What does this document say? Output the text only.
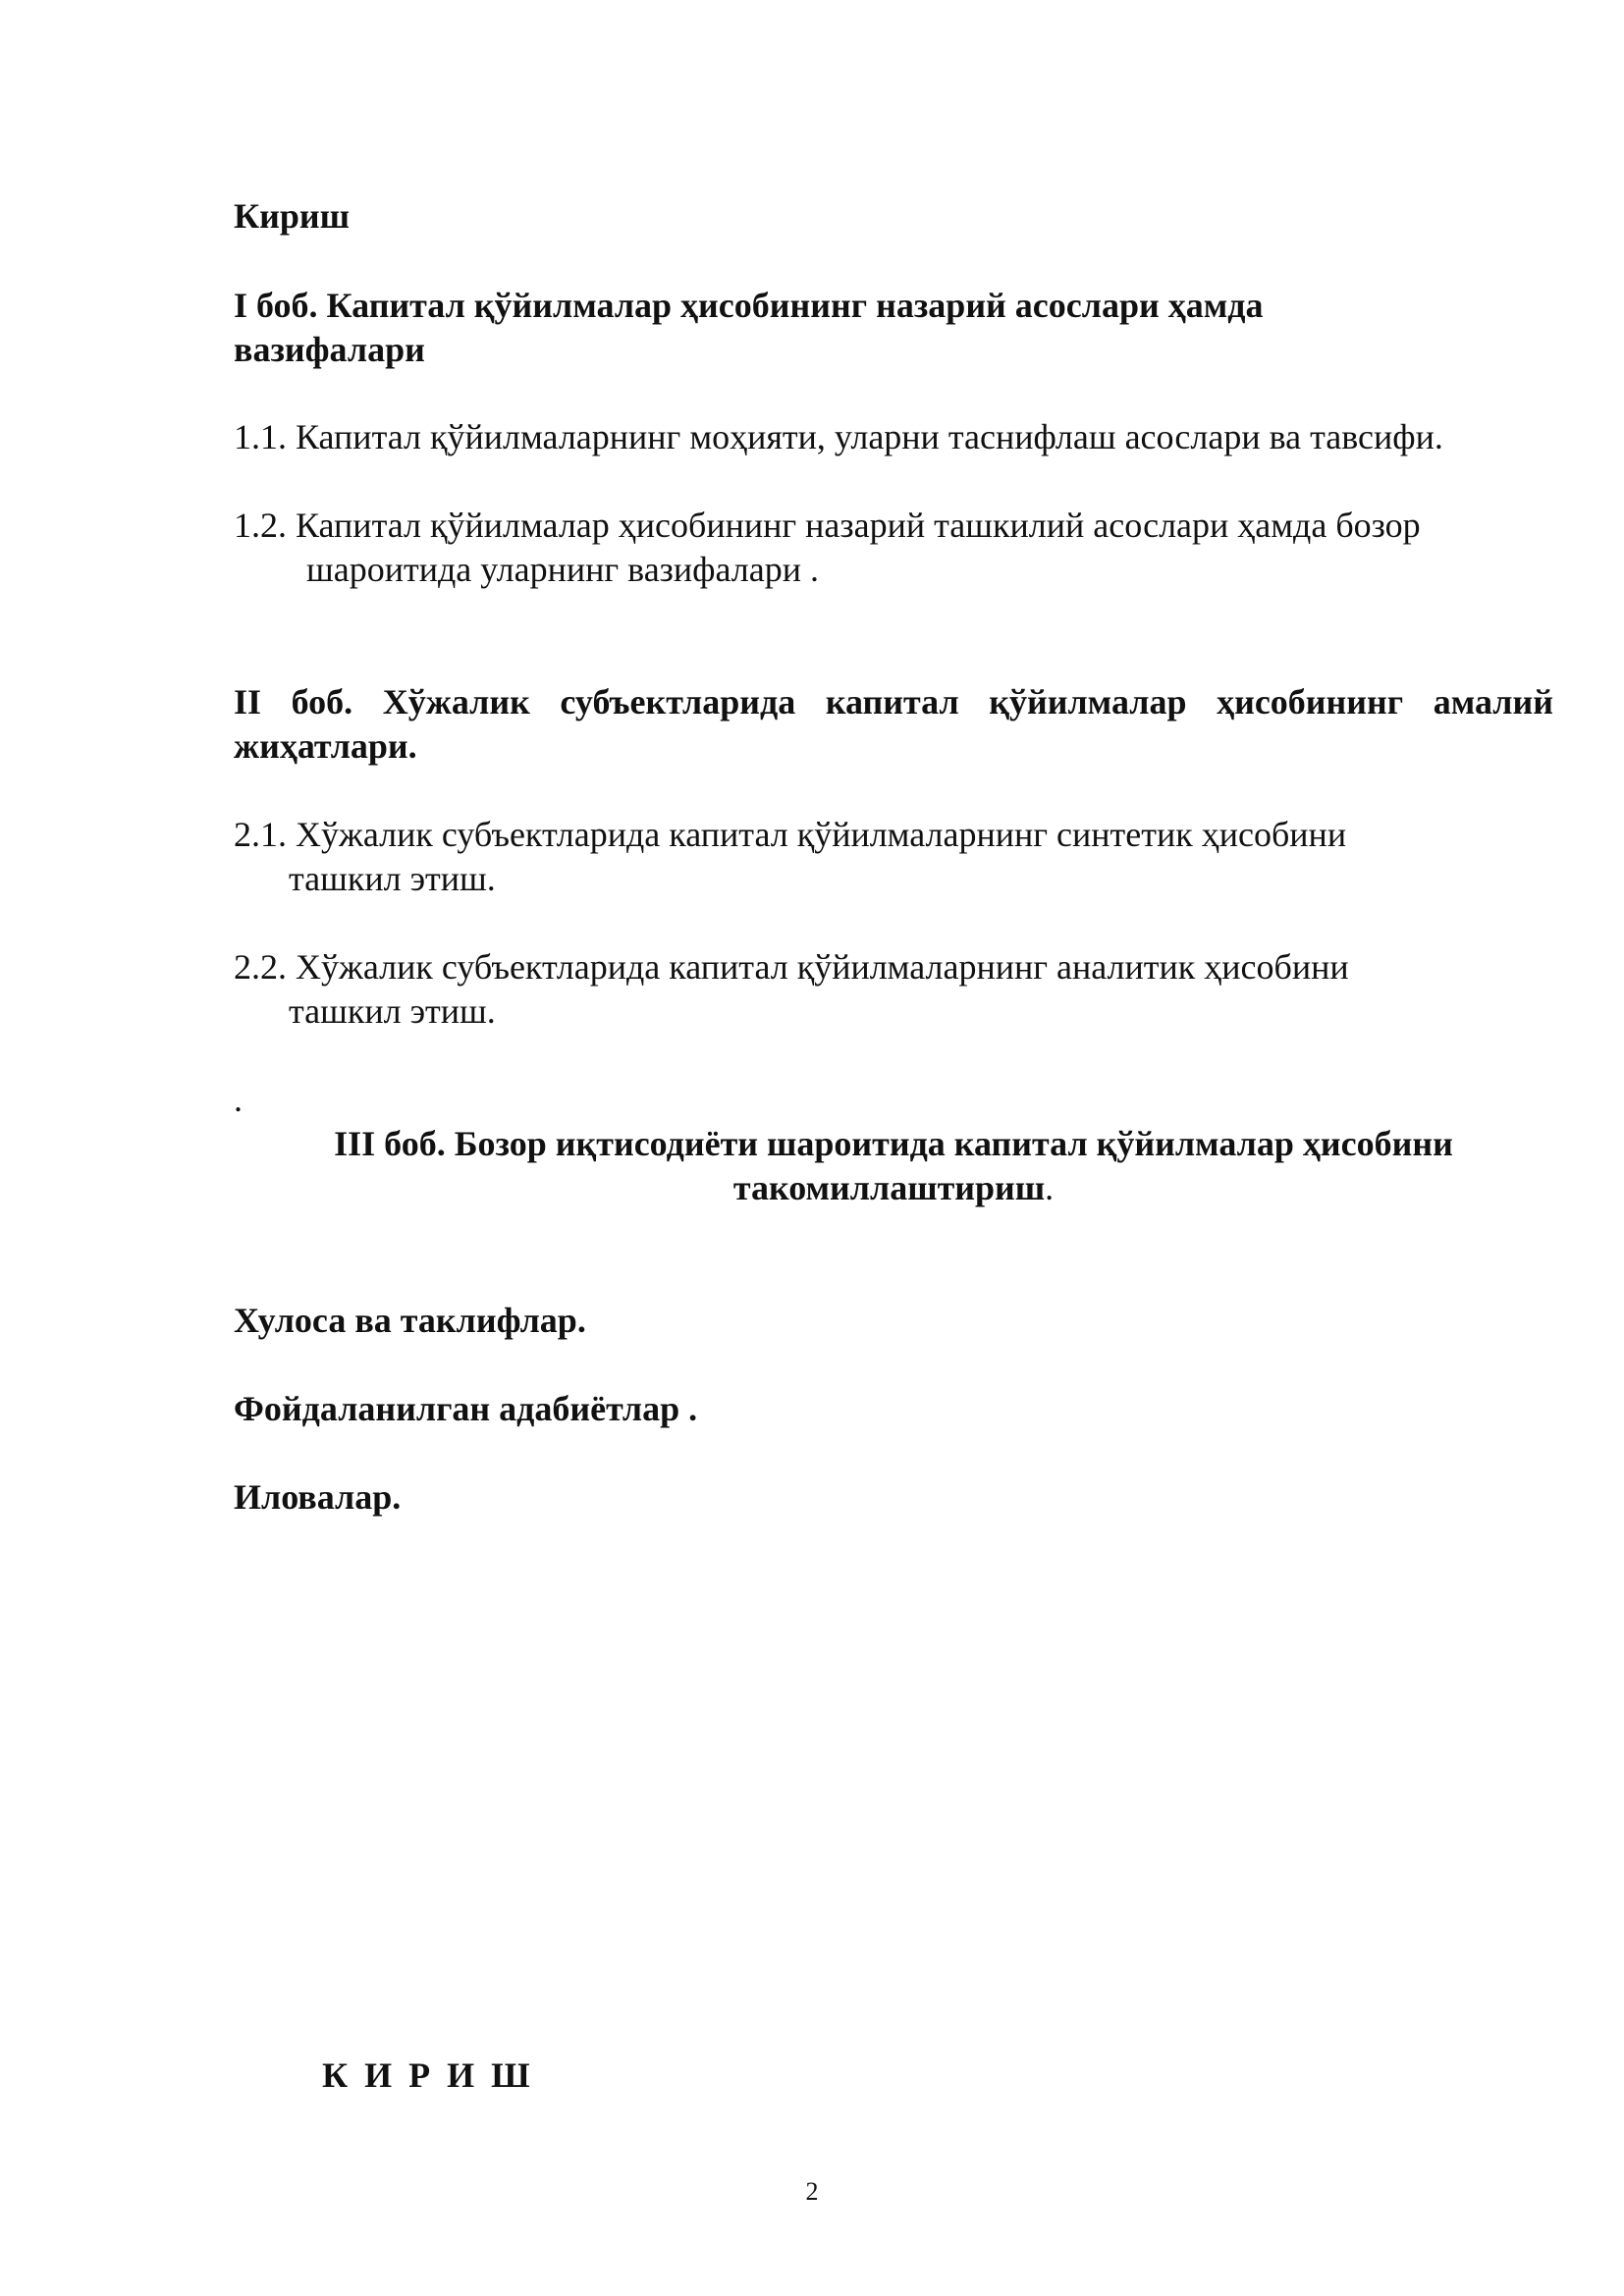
Кириш

I боб. Капитал қўйилмалар ҳисобининг назарий асослари ҳамда
вазифалари

1.1. Капитал қўйилмаларнинг моҳияти, уларни таснифлаш асослари ва тавсифи.

1.2. Капитал қўйилмалар ҳисобининг назарий ташкилий асослари ҳамда бозор
шароитида уларнинг вазифалари .
II боб. Хўжалик субъектларида капитал қўйилмалар ҳисобининг амалий
жиҳатлари.
2.1. Хўжалик субъектларида капитал қўйилмаларнинг синтетик ҳисобини
ташкил этиш.
2.2. Хўжалик субъектларида капитал қўйилмаларнинг аналитик ҳисобини
ташкил этиш.
.
III боб. Бозор иқтисодиёти шароитида капитал қўйилмалар ҳисобини
такомиллаштириш.

Хулоса ва таклифлар.

Фойдаланилган адабиётлар .

Иловалар.

К И Р И Ш
2
